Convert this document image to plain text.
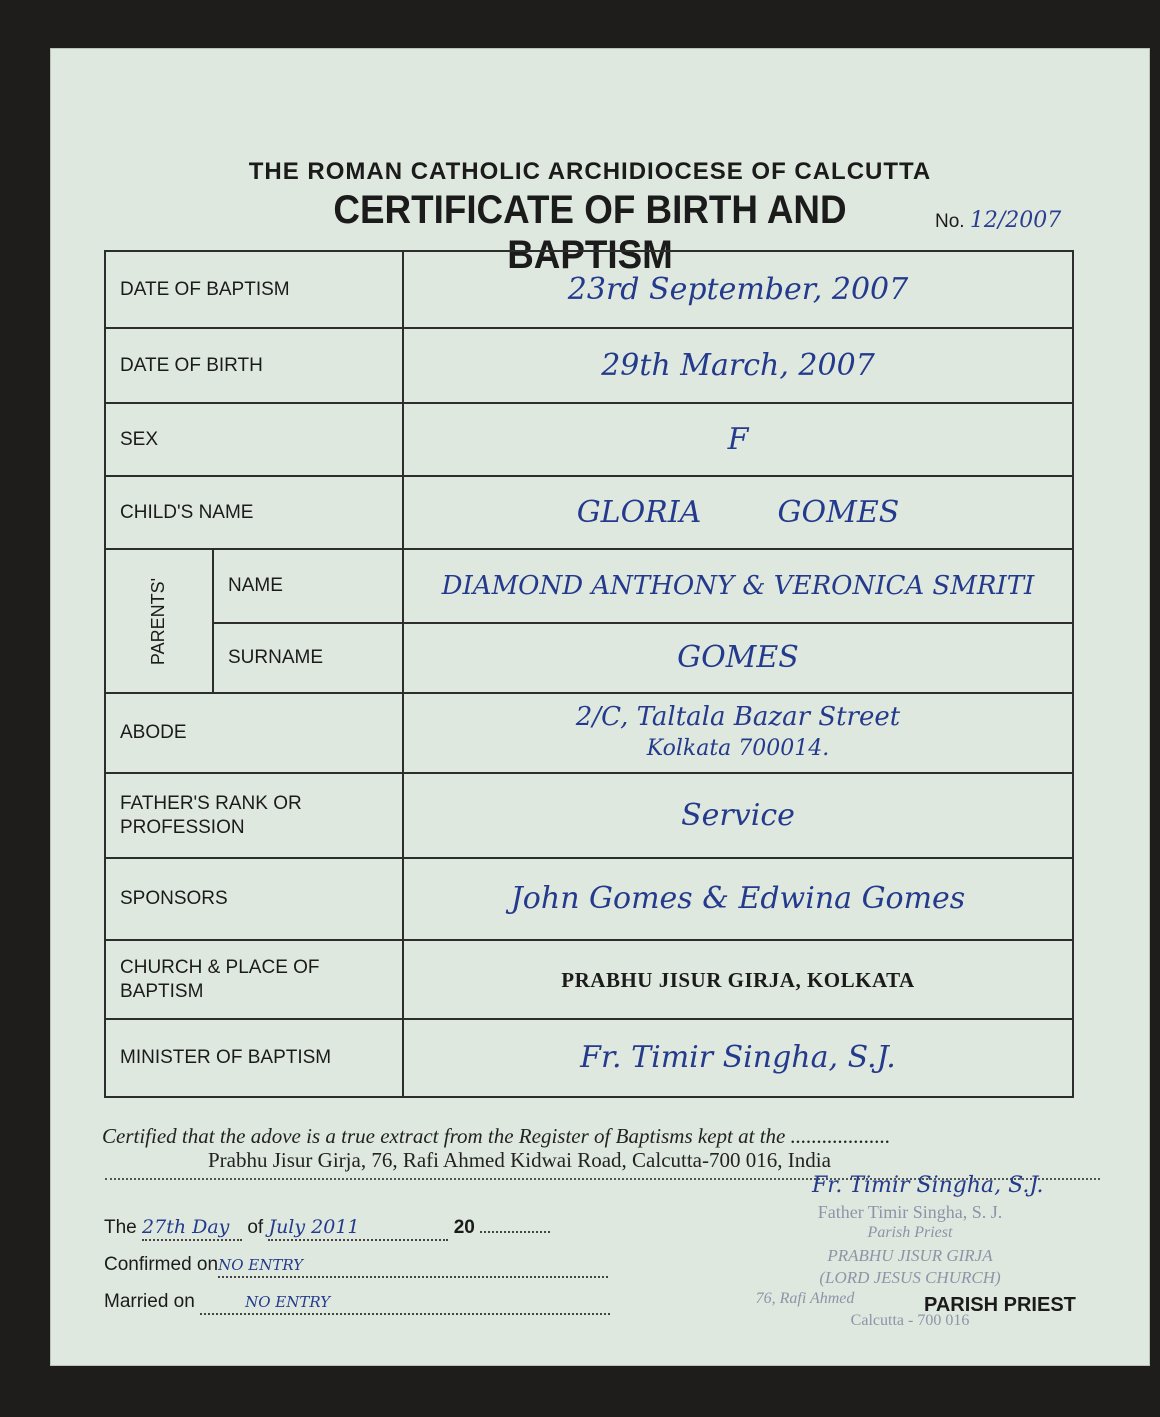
THE ROMAN CATHOLIC ARCHIDIOCESE OF CALCUTTA
CERTIFICATE OF BIRTH AND BAPTISM
No. 12/2007
DATE OF BAPTISM		23rd September, 2007
DATE OF BIRTH		29th March, 2007
SEX		F
CHILD'S NAME		GLORIA        GOMES
PARENTS'	NAME	DIAMOND ANTHONY & VERONICA SMRITI
	SURNAME	GOMES
ABODE		2/C, Taltala Bazar Street
Kolkata 700014.

FATHER'S RANK OR PROFESSION		Service
SPONSORS		John Gomes & Edwina Gomes
CHURCH & PLACE OF BAPTISM		PRABHU JISUR GIRJA, KOLKATA
MINISTER OF BAPTISM		Fr. Timir Singha, S.J.
Certified that the adove is a true extract from the Register of Baptisms kept at the ...................
Prabhu Jisur Girja, 76, Rafi Ahmed Kidwai Road, Calcutta-700 016, India
Fr. Timir Singha, S.J.
The 27th Day of July 2011	20
Confirmed onNO ENTRY
Married on	NO ENTRY
Father Timir Singha, S. J.
Parish Priest
PRABHU JISUR GIRJA
(LORD JESUS CHURCH)
76, Rafi Ahmed
Calcutta - 700 016
PARISH PRIEST
